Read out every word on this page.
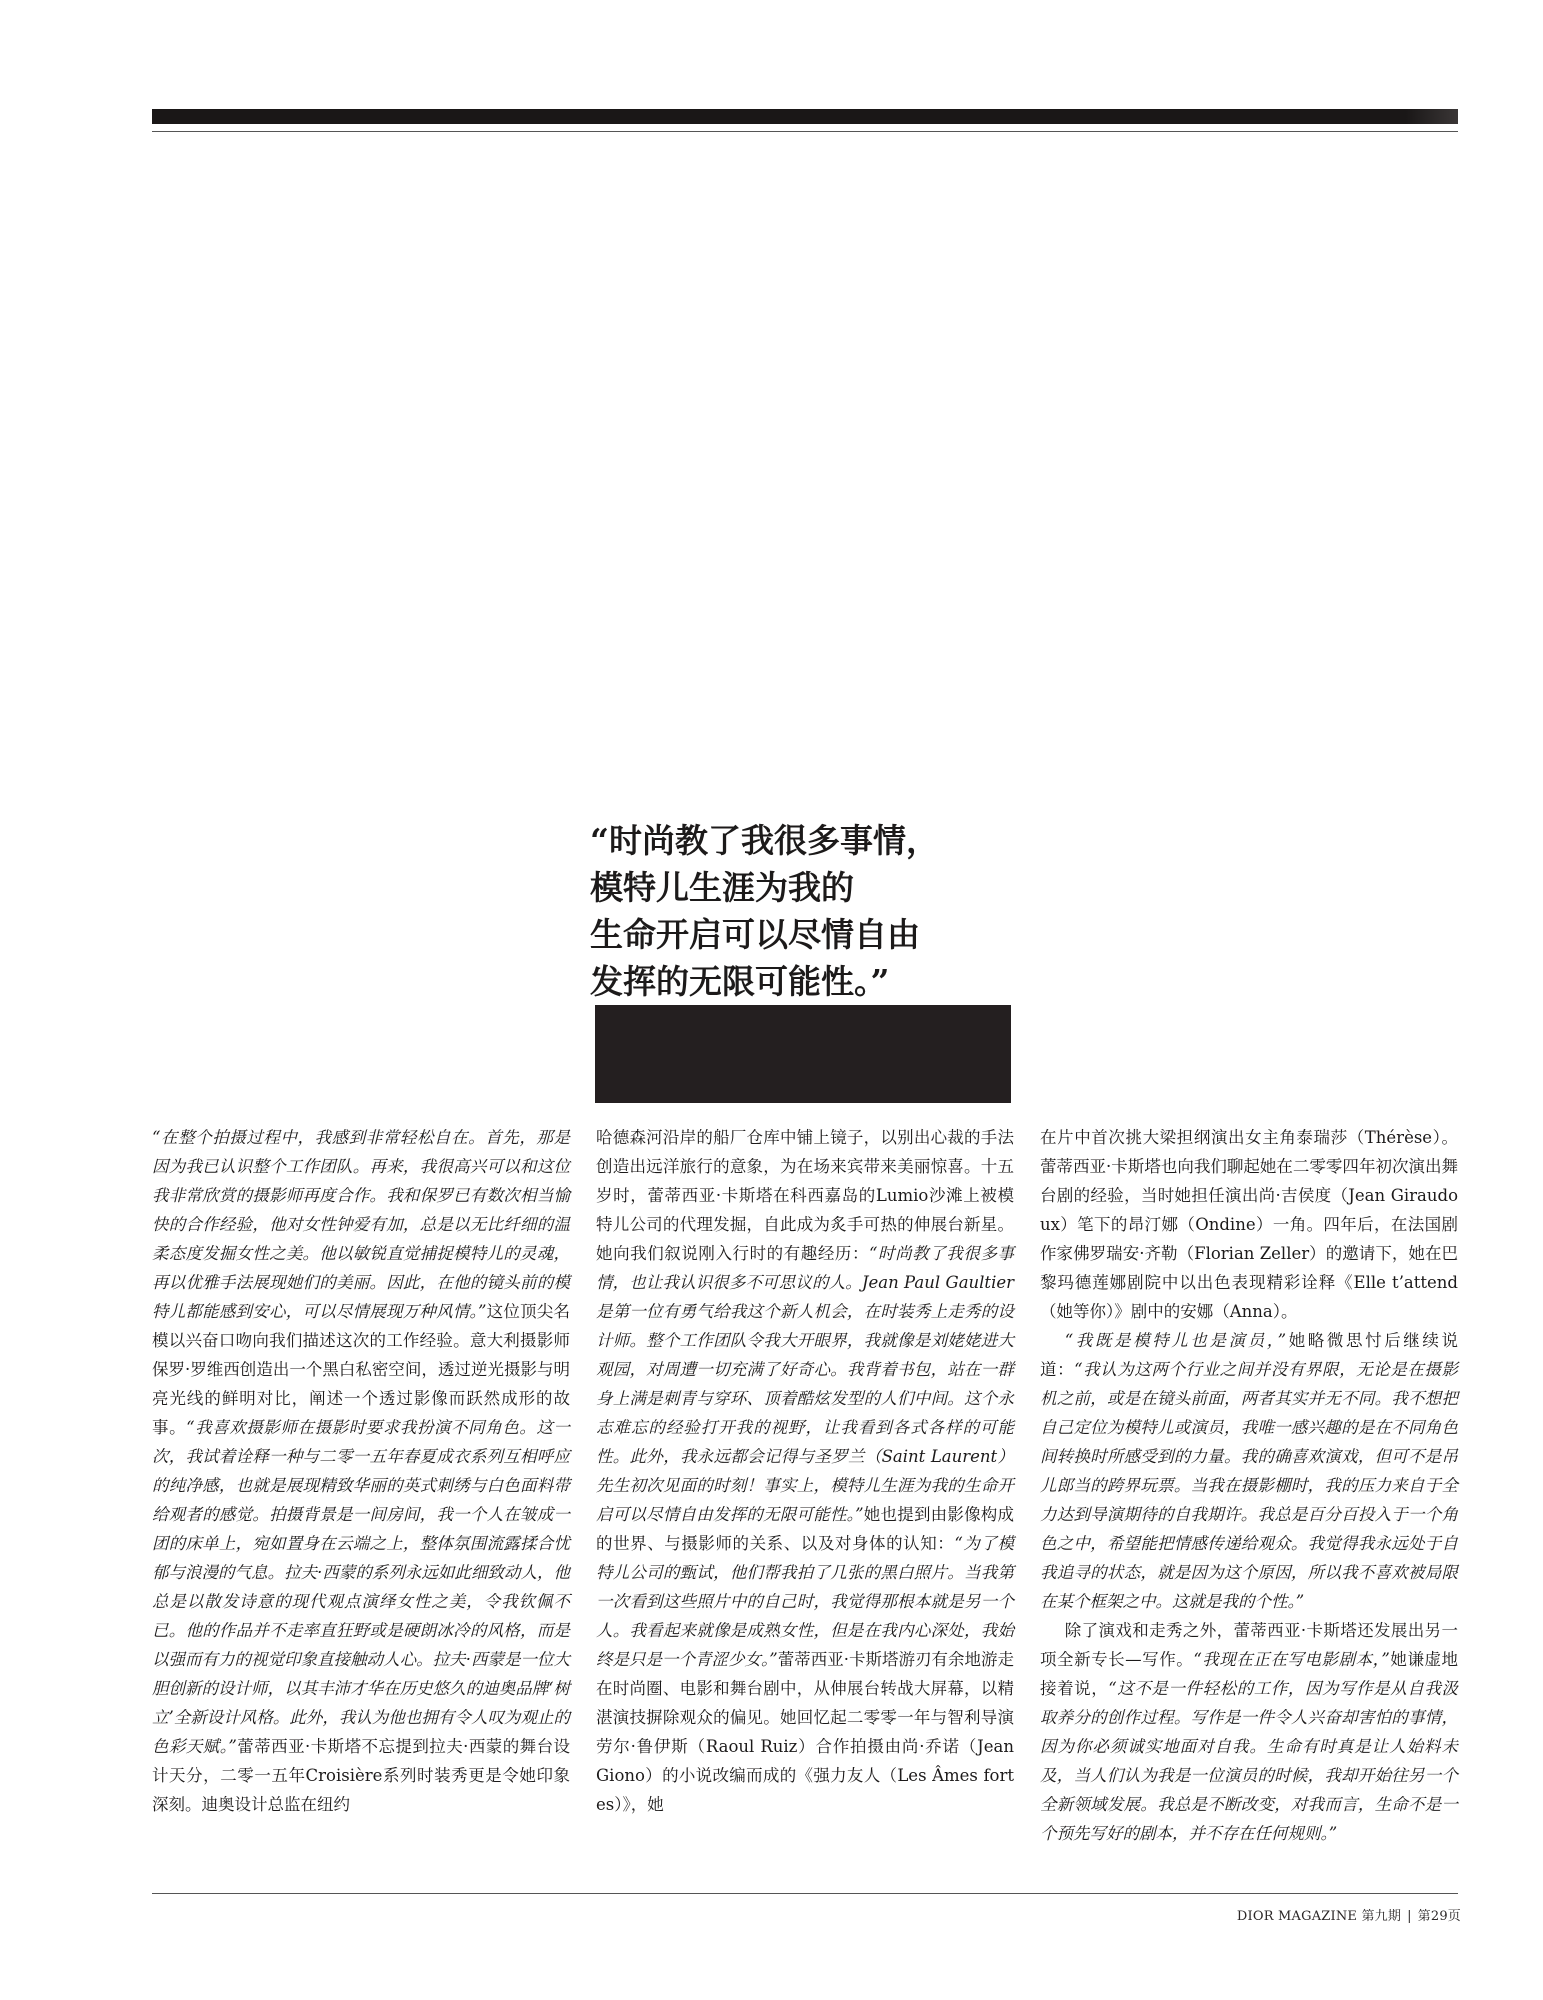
“时尚教了我很多事情，
模特儿生涯为我的
生命开启可以尽情自由
发挥的无限可能性。”

“在整个拍摄过程中，我感到非常轻松自在。首先，那是因为我已认识整个工作团队。再来，我很高兴可以和这位我非常欣赏的摄影师再度合作。我和保罗已有数次相当愉快的合作经验，他对女性钟爱有加，总是以无比纤细的温柔态度发掘女性之美。他以敏锐直觉捕捉模特儿的灵魂，再以优雅手法展现她们的美丽。因此，在他的镜头前的模特儿都能感到安心，可以尽情展现万种风情。”这位顶尖名模以兴奋口吻向我们描述这次的工作经验。意大利摄影师保罗·罗维西创造出一个黑白私密空间，透过逆光摄影与明亮光线的鲜明对比，阐述一个透过影像而跃然成形的故事。“我喜欢摄影师在摄影时要求我扮演不同角色。这一次，我试着诠释一种与二零一五年春夏成衣系列互相呼应的纯净感，也就是展现精致华丽的英式刺绣与白色面料带给观者的感觉。拍摄背景是一间房间，我一个人在皱成一团的床单上，宛如置身在云端之上，整体氛围流露揉合忧郁与浪漫的气息。拉夫·西蒙的系列永远如此细致动人，他总是以散发诗意的现代观点演绎女性之美，令我钦佩不已。他的作品并不走率直狂野或是硬朗冰冷的风格，而是以强而有力的视觉印象直接触动人心。拉夫·西蒙是一位大胆创新的设计师，以其丰沛才华在历史悠久的迪奥品牌‘树立’全新设计风格。此外，我认为他也拥有令人叹为观止的色彩天赋。”蕾蒂西亚·卡斯塔不忘提到拉夫·西蒙的舞台设计天分，二零一五年Croisière系列时装秀更是令她印象深刻。迪奥设计总监在纽约

哈德森河沿岸的船厂仓库中铺上镜子，以别出心裁的手法创造出远洋旅行的意象，为在场来宾带来美丽惊喜。十五岁时，蕾蒂西亚·卡斯塔在科西嘉岛的Lumio沙滩上被模特儿公司的代理发掘，自此成为炙手可热的伸展台新星。她向我们叙说刚入行时的有趣经历：“时尚教了我很多事情，也让我认识很多不可思议的人。Jean Paul Gaultier是第一位有勇气给我这个新人机会，在时装秀上走秀的设计师。整个工作团队令我大开眼界，我就像是刘姥姥进大观园，对周遭一切充满了好奇心。我背着书包，站在一群身上满是刺青与穿环、顶着酷炫发型的人们中间。这个永志难忘的经验打开我的视野，让我看到各式各样的可能性。此外，我永远都会记得与圣罗兰（Saint Laurent）先生初次见面的时刻！事实上，模特儿生涯为我的生命开启可以尽情自由发挥的无限可能性。”她也提到由影像构成的世界、与摄影师的关系、以及对身体的认知：“为了模特儿公司的甄试，他们帮我拍了几张的黑白照片。当我第一次看到这些照片中的自己时，我觉得那根本就是另一个人。我看起来就像是成熟女性，但是在我内心深处，我始终是只是一个青涩少女。”蕾蒂西亚·卡斯塔游刃有余地游走在时尚圈、电影和舞台剧中，从伸展台转战大屏幕，以精湛演技摒除观众的偏见。她回忆起二零零一年与智利导演劳尔·鲁伊斯（Raoul Ruiz）合作拍摄由尚·乔诺（Jean Giono）的小说改编而成的《强力友人（Les Âmes fortes）》，她

在片中首次挑大梁担纲演出女主角泰瑞莎（Thérèse）。蕾蒂西亚·卡斯塔也向我们聊起她在二零零四年初次演出舞台剧的经验，当时她担任演出尚·吉侯度（Jean Giraudoux）笔下的昂汀娜（Ondine）一角。四年后，在法国剧作家佛罗瑞安·齐勒（Florian Zeller）的邀请下，她在巴黎玛德莲娜剧院中以出色表现精彩诠释《Elle t’attend（她等你）》剧中的安娜（Anna）。

“我既是模特儿也是演员，”她略微思忖后继续说道：“我认为这两个行业之间并没有界限，无论是在摄影机之前，或是在镜头前面，两者其实并无不同。我不想把自己定位为模特儿或演员，我唯一感兴趣的是在不同角色间转换时所感受到的力量。我的确喜欢演戏，但可不是吊儿郎当的跨界玩票。当我在摄影棚时，我的压力来自于全力达到导演期待的自我期许。我总是百分百投入于一个角色之中，希望能把情感传递给观众。我觉得我永远处于自我追寻的状态，就是因为这个原因，所以我不喜欢被局限在某个框架之中。这就是我的个性。”

除了演戏和走秀之外，蕾蒂西亚·卡斯塔还发展出另一项全新专长—写作。“我现在正在写电影剧本，”她谦虚地接着说，“这不是一件轻松的工作，因为写作是从自我汲取养分的创作过程。写作是一件令人兴奋却害怕的事情，因为你必须诚实地面对自我。生命有时真是让人始料未及，当人们认为我是一位演员的时候，我却开始往另一个全新领域发展。我总是不断改变，对我而言，生命不是一个预先写好的剧本，并不存在任何规则。”

DIOR MAGAZINE 第九期 | 第29页
